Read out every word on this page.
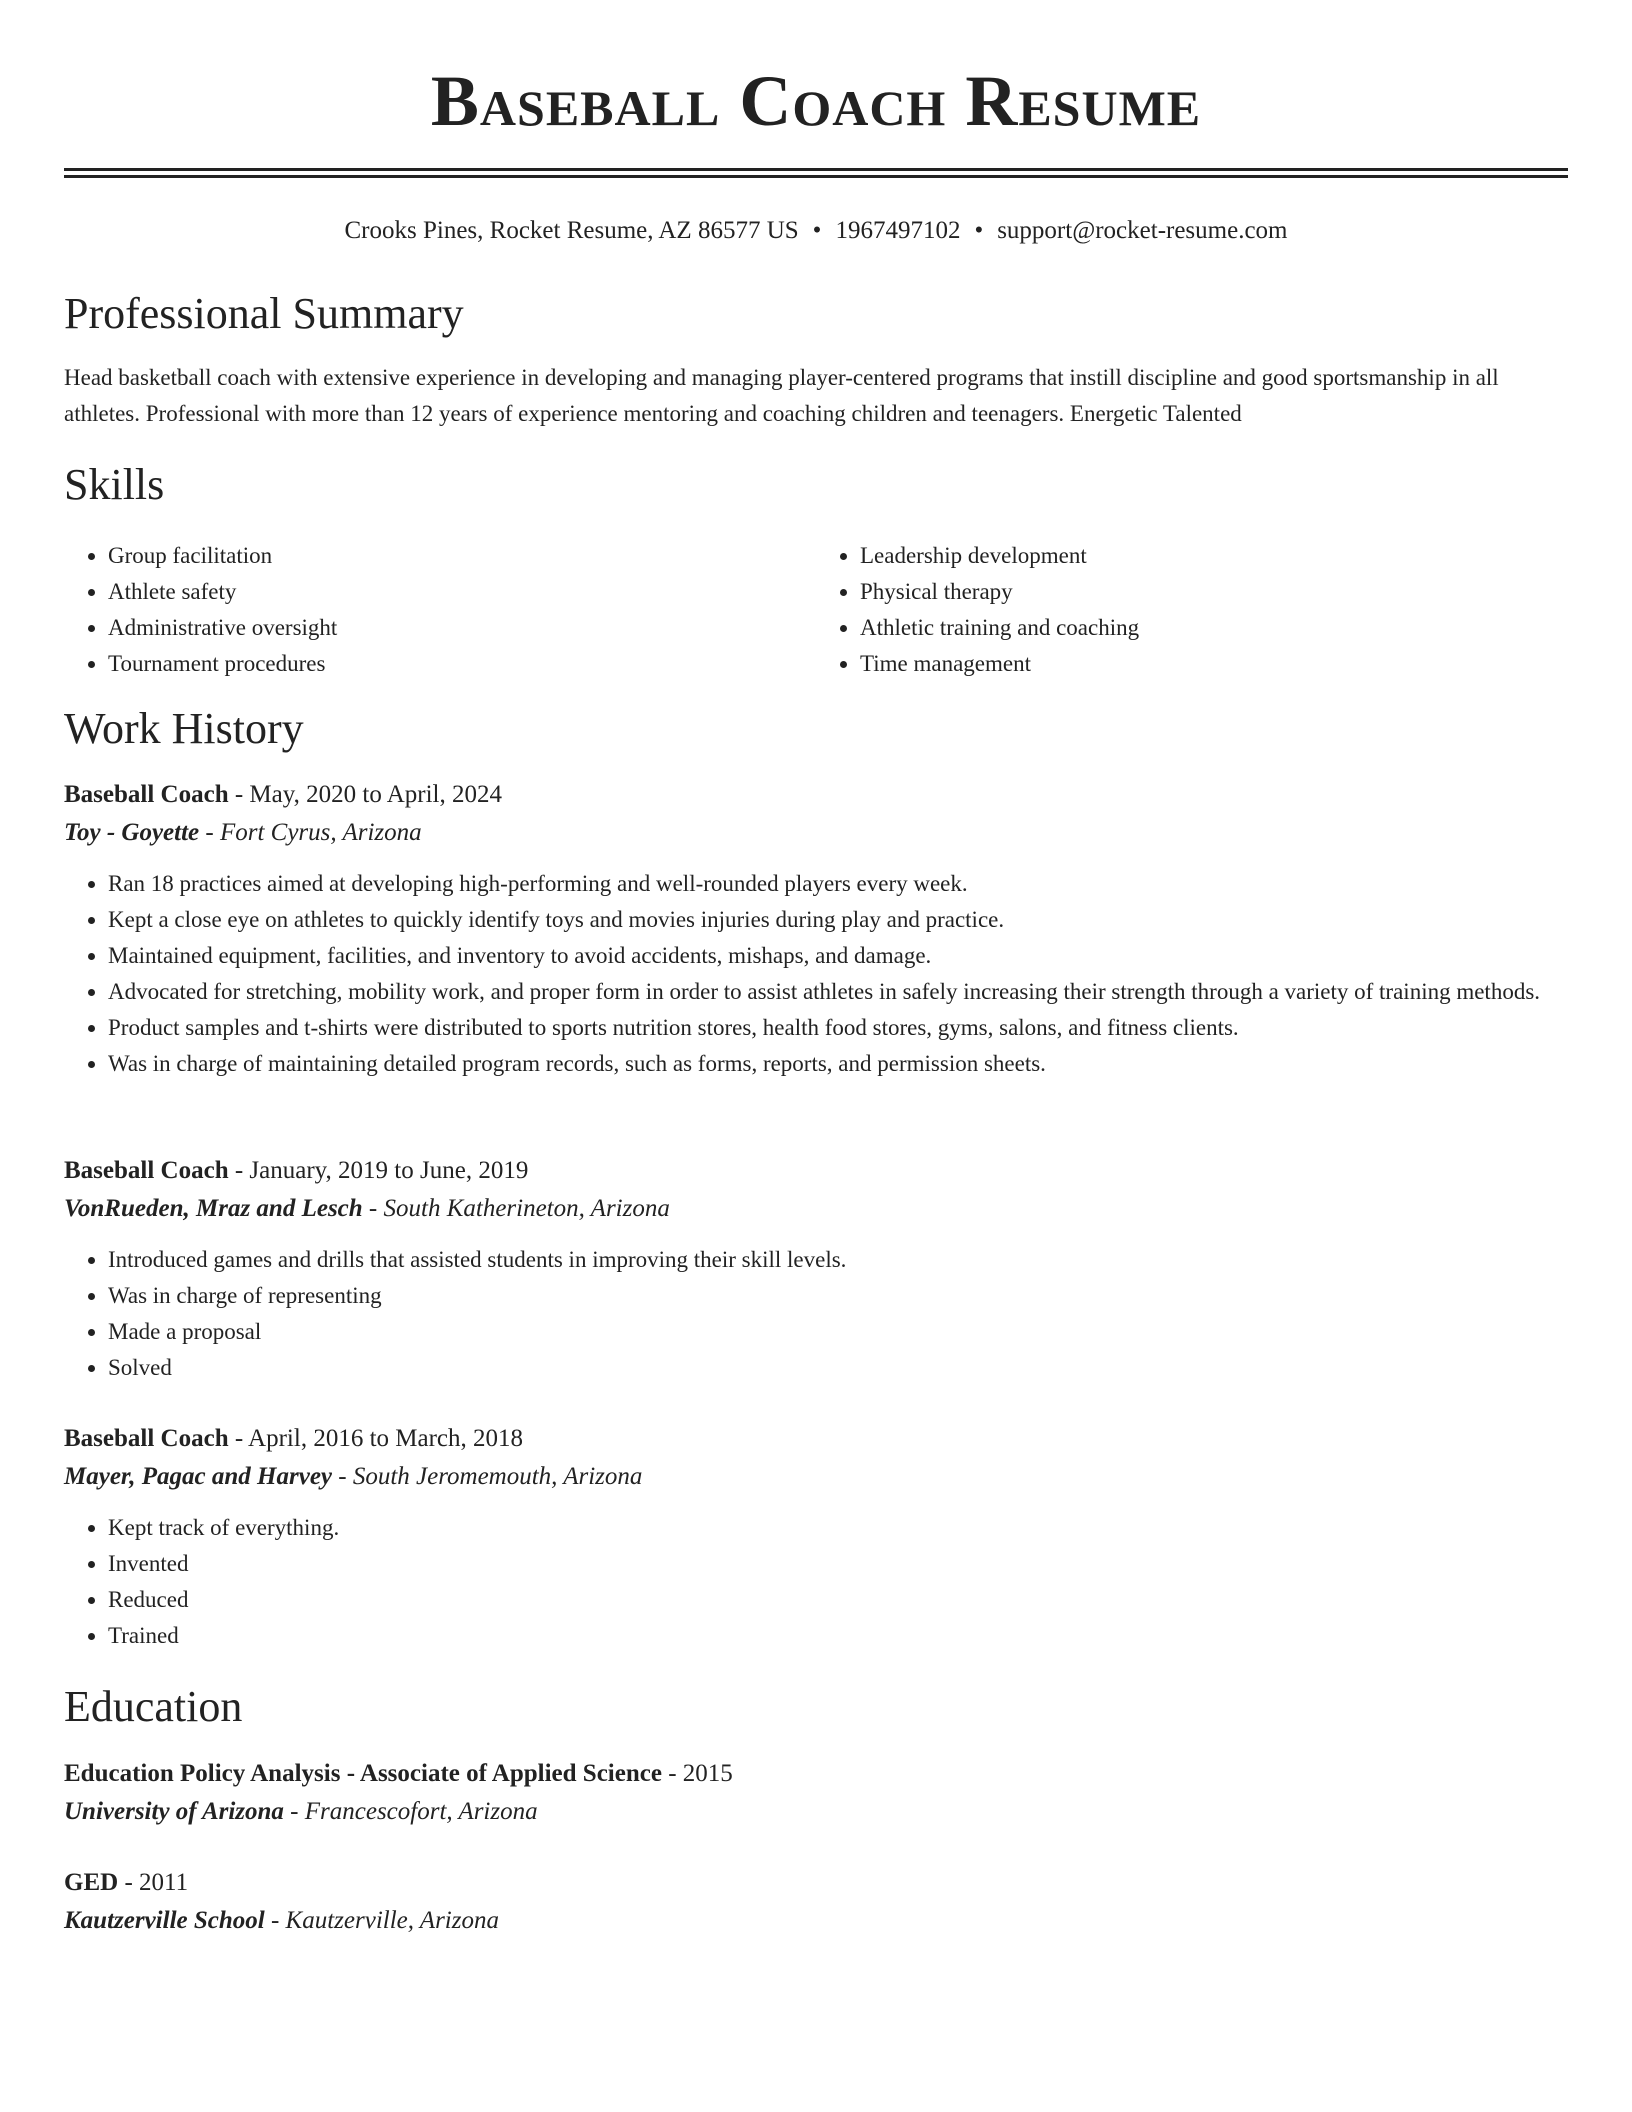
Baseball Coach Resume
Crooks Pines, Rocket Resume, AZ 86577 US • 1967497102 • support@rocket-resume.com
Professional Summary

Head basketball coach with extensive experience in developing and managing player-centered programs that instill discipline and good sportsmanship in all athletes. Professional with more than 12 years of experience mentoring and coaching children and teenagers. Energetic Talented

Skills
• Group facilitation
• Athlete safety
• Administrative oversight
• Tournament procedures
• Leadership development
• Physical therapy
• Athletic training and coaching
• Time management
Work History
Baseball Coach - May, 2020 to April, 2024
Toy - Goyette - Fort Cyrus, Arizona
• Ran 18 practices aimed at developing high-performing and well-rounded players every week.
• Kept a close eye on athletes to quickly identify toys and movies injuries during play and practice.
• Maintained equipment, facilities, and inventory to avoid accidents, mishaps, and damage.
• Advocated for stretching, mobility work, and proper form in order to assist athletes in safely increasing their strength through a variety of training methods.
• Product samples and t-shirts were distributed to sports nutrition stores, health food stores, gyms, salons, and fitness clients.
• Was in charge of maintaining detailed program records, such as forms, reports, and permission sheets.
Baseball Coach - January, 2019 to June, 2019
VonRueden, Mraz and Lesch - South Katherineton, Arizona
• Introduced games and drills that assisted students in improving their skill levels.
• Was in charge of representing
• Made a proposal
• Solved
Baseball Coach - April, 2016 to March, 2018
Mayer, Pagac and Harvey - South Jeromemouth, Arizona
• Kept track of everything.
• Invented
• Reduced
• Trained
Education
Education Policy Analysis - Associate of Applied Science - 2015
University of Arizona - Francescofort, Arizona
GED - 2011
Kautzerville School - Kautzerville, Arizona
